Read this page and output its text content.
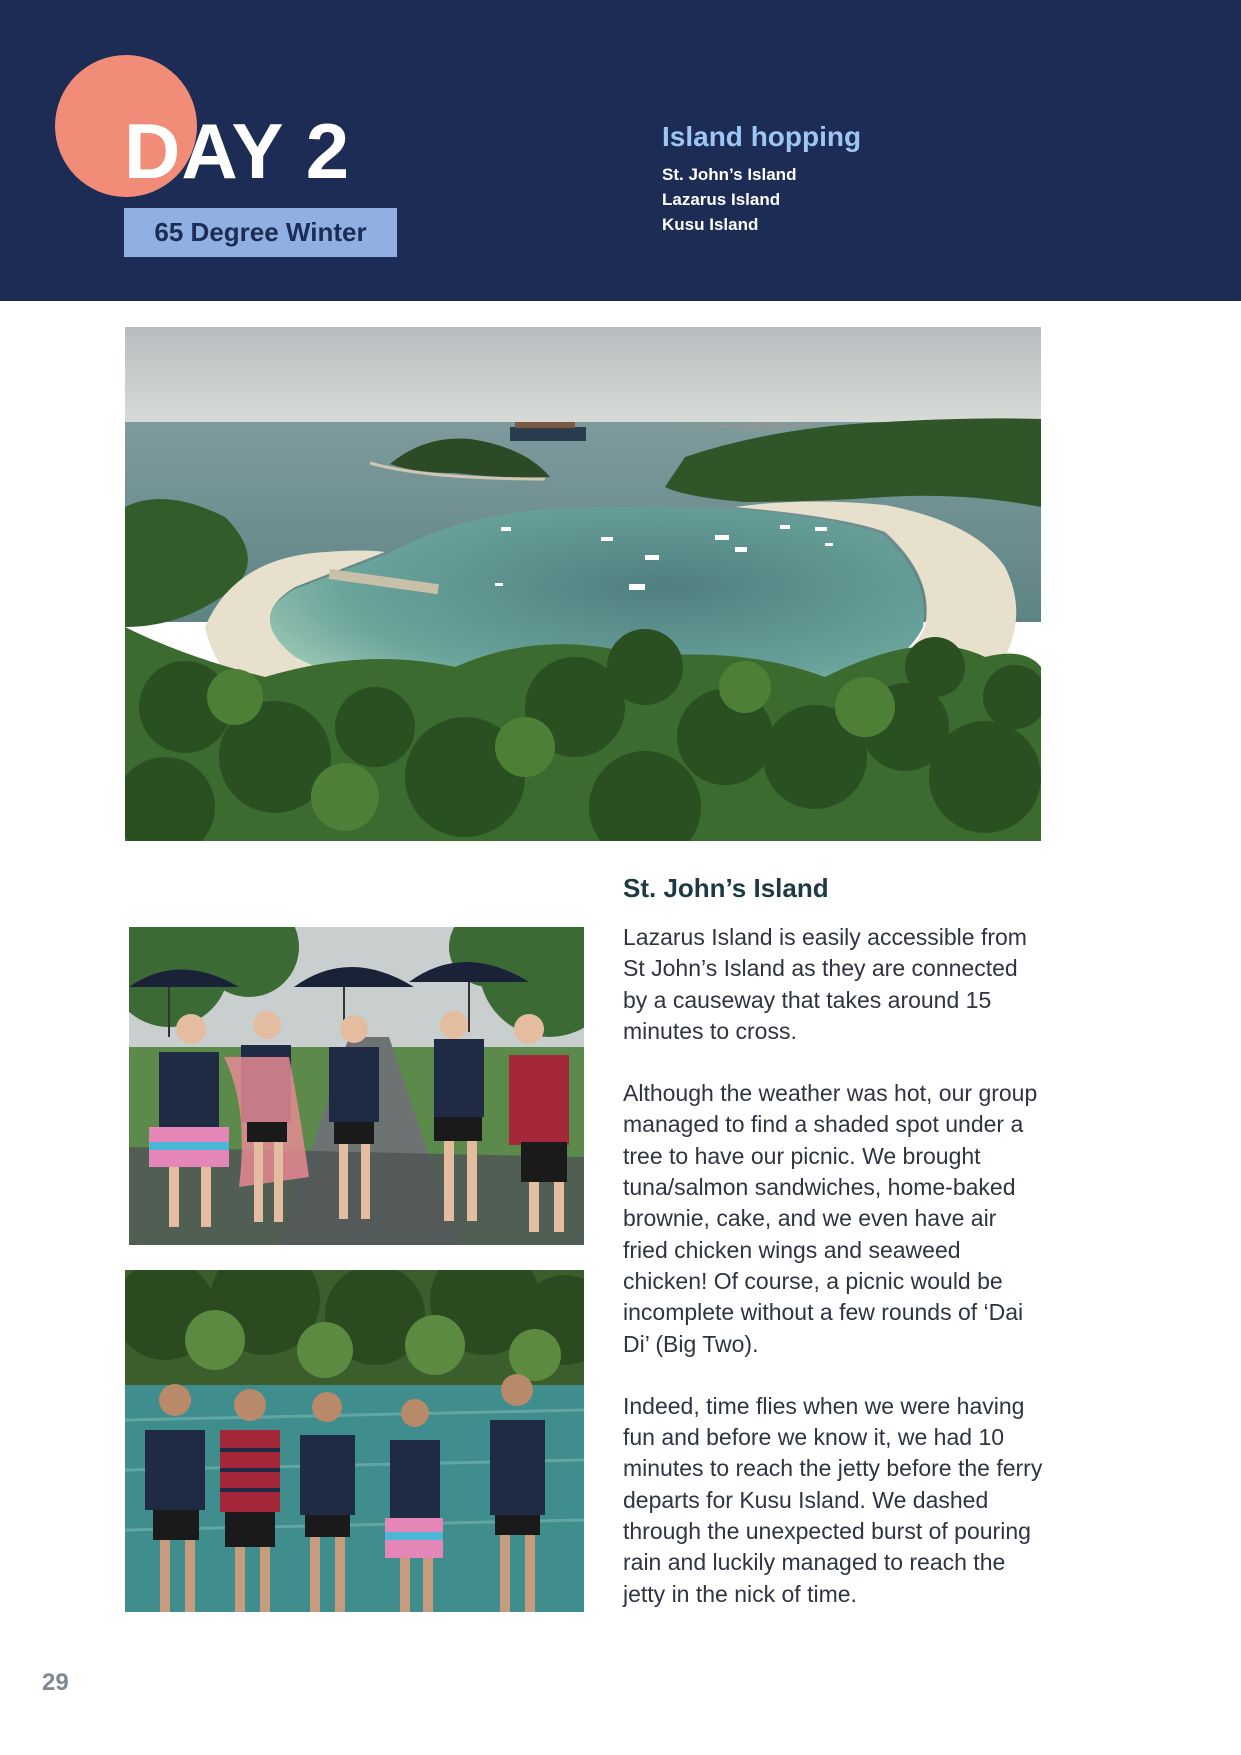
DAY 2
65 Degree Winter
Island hopping
St. John’s Island
Lazarus Island
Kusu Island
St. John’s Island

Lazarus Island is easily accessible from St John’s Island as they are connected by a causeway that takes around 15 minutes to cross.

Although the weather was hot, our group managed to find a shaded spot under a tree to have our picnic. We brought tuna/salmon sandwiches, home-baked brownie, cake, and we even have air fried chicken wings and seaweed chicken! Of course, a picnic would be incomplete without a few rounds of ‘Dai Di’ (Big Two).

Indeed, time flies when we were having fun and before we know it, we had 10 minutes to reach the jetty before the ferry departs for Kusu Island. We dashed through the unexpected burst of pouring rain and luckily managed to reach the jetty in the nick of time.

29
